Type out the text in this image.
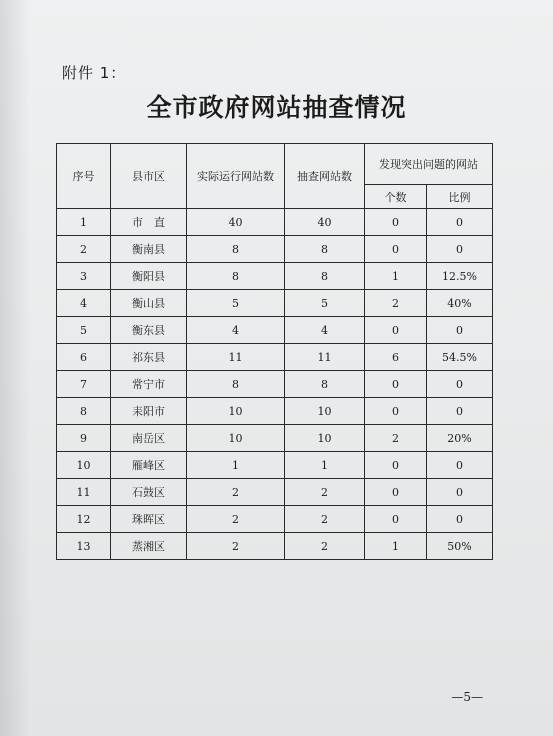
附件 1：
全市政府网站抽查情况
序号	县市区	实际运行网站数	抽查网站数	发现突出问题的网站	
				个数	比例
1	市　直	40	40	0	0
2	衡南县	8	8	0	0
3	衡阳县	8	8	1	12.5%
4	衡山县	5	5	2	40%
5	衡东县	4	4	0	0
6	祁东县	11	11	6	54.5%
7	常宁市	8	8	0	0
8	耒阳市	10	10	0	0
9	南岳区	10	10	2	20%
10	雁峰区	1	1	0	0
11	石鼓区	2	2	0	0
12	珠晖区	2	2	0	0
13	蒸湘区	2	2	1	50%
—5—
